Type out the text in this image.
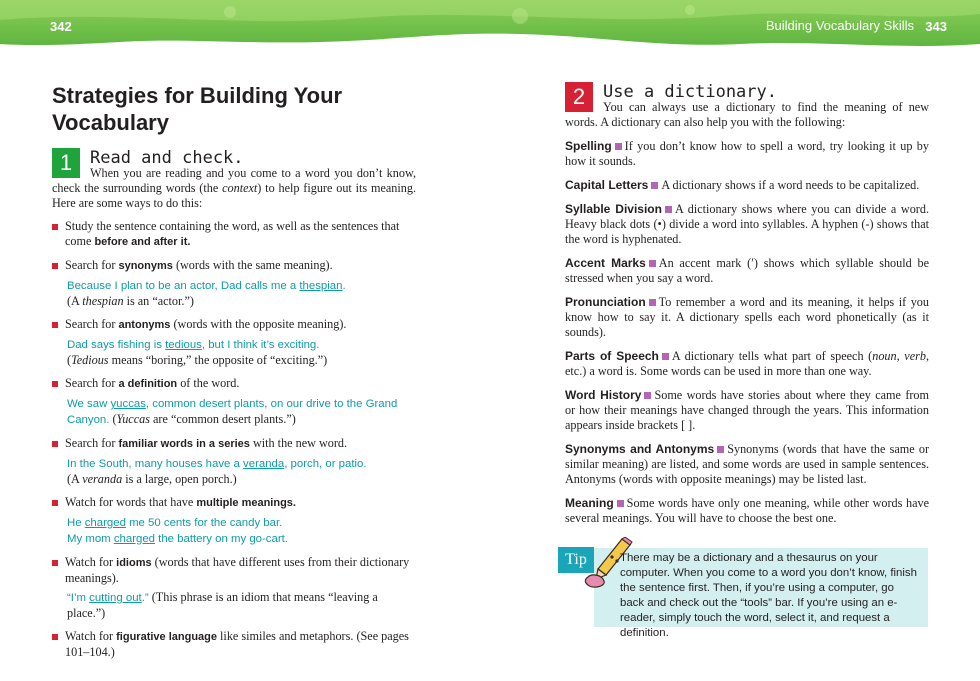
342	Building Vocabulary Skills 343
Strategies for Building Your
Vocabulary
1	Read and check.
When you are reading and you come to a word you don’t know, check the surrounding words (the context) to help figure out its meaning. Here are some ways to do this:
Study the sentence containing the word, as well as the sentences that come before and after it.
Search for synonyms (words with the same meaning).
Because I plan to be an actor, Dad calls me a thespian.
(A thespian is an “actor.”)
Search for antonyms (words with the opposite meaning).
Dad says fishing is tedious, but I think it’s exciting.
(Tedious means “boring,” the opposite of “exciting.”)
Search for a definition of the word.
We saw yuccas, common desert plants, on our drive to the Grand Canyon. (Yuccas are “common desert plants.”)
Search for familiar words in a series with the new word.
In the South, many houses have a veranda, porch, or patio.
(A veranda is a large, open porch.)
Watch for words that have multiple meanings.
He charged me 50 cents for the candy bar.
My mom charged the battery on my go-cart.
Watch for idioms (words that have different uses from their dictionary meanings).
“I’m cutting out.” (This phrase is an idiom that means “leaving a place.”)
Watch for figurative language like similes and metaphors. (See pages 101–104.)
2	Use a dictionary.
You can always use a dictionary to find the meaning of new words. A dictionary can also help you with the following:
Spelling If you don’t know how to spell a word, try looking it up by how it sounds.
Capital Letters A dictionary shows if a word needs to be capitalized.
Syllable Division A dictionary shows where you can divide a word. Heavy black dots (•) divide a word into syllables. A hyphen (-) shows that the word is hyphenated.
Accent Marks An accent mark (′) shows which syllable should be stressed when you say a word.
Pronunciation To remember a word and its meaning, it helps if you know how to say it. A dictionary spells each word phonetically (as it sounds).
Parts of Speech A dictionary tells what part of speech (noun, verb, etc.) a word is. Some words can be used in more than one way.
Word History Some words have stories about where they came from or how their meanings have changed through the years. This information appears inside brackets [ ].
Synonyms and Antonyms Synonyms (words that have the same or similar meaning) are listed, and some words are used in sample sentences. Antonyms (words with opposite meanings) may be listed last.
Meaning Some words have only one meaning, while other words have several meanings. You will have to choose the best one.
Tip	There may be a dictionary and a thesaurus on your computer. When you come to a word you don’t know, finish the sentence first. Then, if you’re using a computer, go back and check out the “tools” bar. If you’re using an e-reader, simply touch the word, select it, and request a definition.
